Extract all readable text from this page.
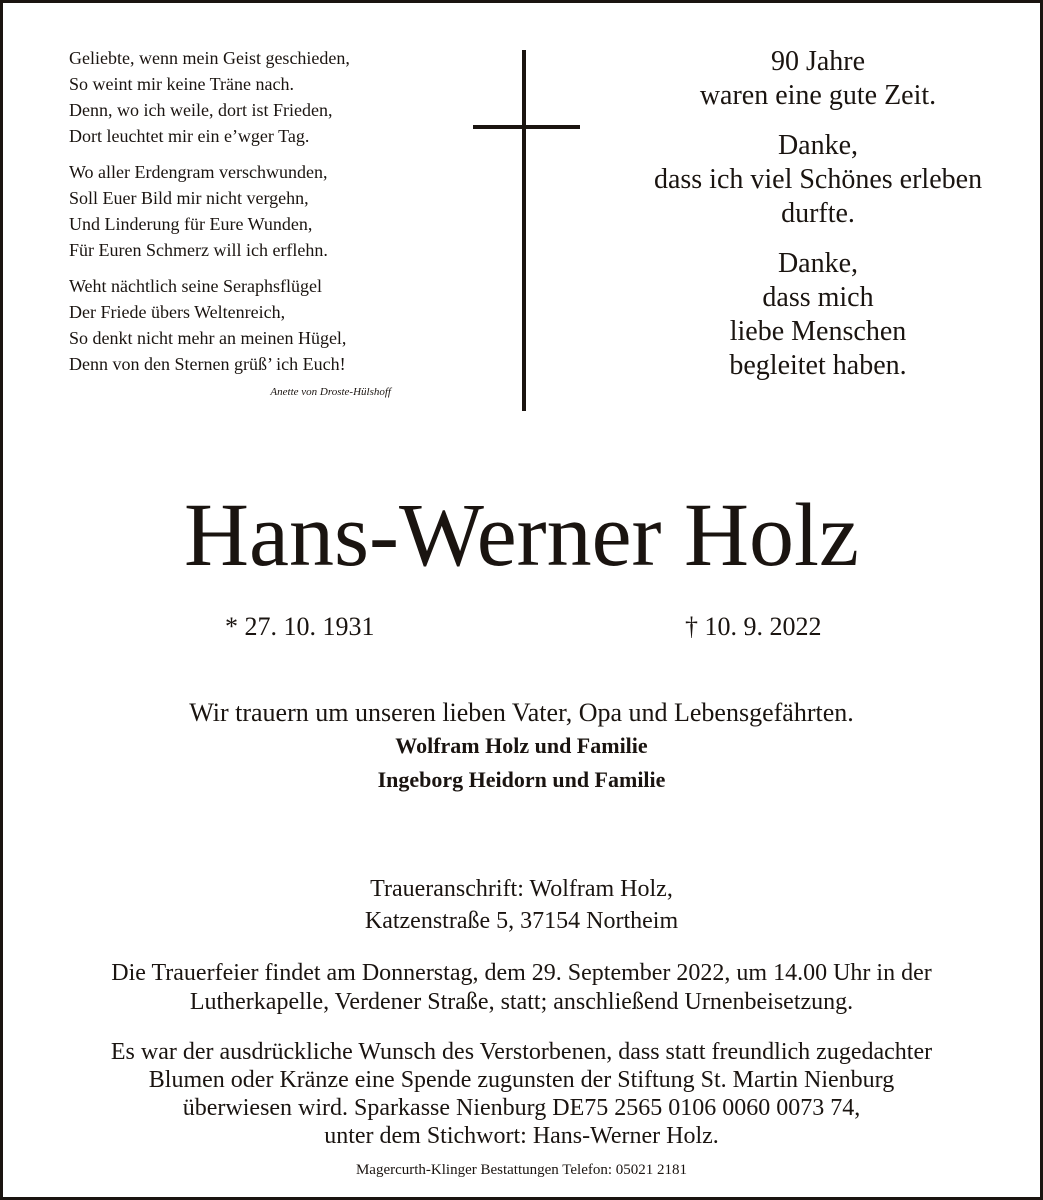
Geliebte, wenn mein Geist geschieden,
So weint mir keine Träne nach.
Denn, wo ich weile, dort ist Frieden,
Dort leuchtet mir ein e’wger Tag.
Wo aller Erdengram verschwunden,
Soll Euer Bild mir nicht vergehn,
Und Linderung für Eure Wunden,
Für Euren Schmerz will ich erflehn.
Weht nächtlich seine Seraphsflügel
Der Friede übers Weltenreich,
So denkt nicht mehr an meinen Hügel,
Denn von den Sternen grüß’ ich Euch!
Anette von Droste-Hülshoff
90 Jahre
waren eine gute Zeit.
Danke,
dass ich viel Schönes erleben
durfte.
Danke,
dass mich
liebe Menschen
begleitet haben.
Hans-Werner Holz
* 27. 10. 1931	† 10. 9. 2022
Wir trauern um unseren lieben Vater, Opa und Lebensgefährten.
Wolfram Holz und Familie
Ingeborg Heidorn und Familie
Traueranschrift: Wolfram Holz,
Katzenstraße 5, 37154 Northeim
Die Trauerfeier findet am Donnerstag, dem 29. September 2022, um 14.00 Uhr in der
Lutherkapelle, Verdener Straße, statt; anschließend Urnenbeisetzung.
Es war der ausdrückliche Wunsch des Verstorbenen, dass statt freundlich zugedachter
Blumen oder Kränze eine Spende zugunsten der Stiftung St. Martin Nienburg
überwiesen wird. Sparkasse Nienburg DE75 2565 0106 0060 0073 74,
unter dem Stichwort: Hans-Werner Holz.
Magercurth-Klinger Bestattungen Telefon: 05021 2181
